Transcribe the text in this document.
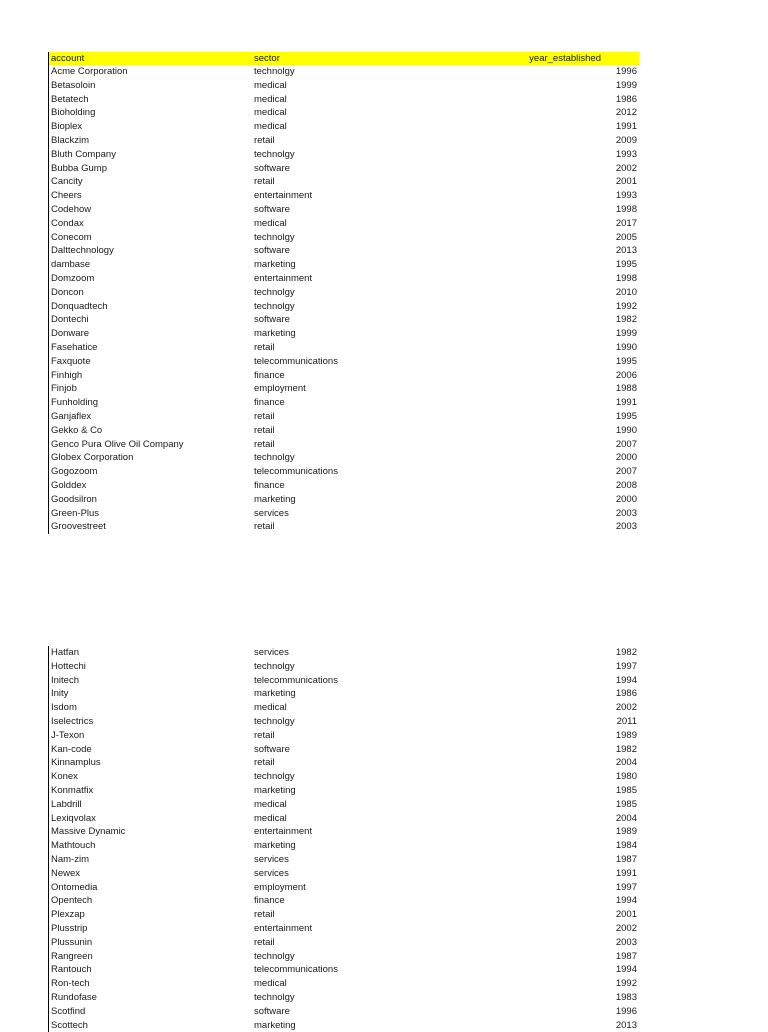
account	sector	year_established
Acme Corporation	technolgy	1996
Betasoloin	medical	1999
Betatech	medical	1986
Bioholding	medical	2012
Bioplex	medical	1991
Blackzim	retail	2009
Bluth Company	technolgy	1993
Bubba Gump	software	2002
Cancity	retail	2001
Cheers	entertainment	1993
Codehow	software	1998
Condax	medical	2017
Conecom	technolgy	2005
Dalttechnology	software	2013
dambase	marketing	1995
Domzoom	entertainment	1998
Doncon	technolgy	2010
Donquadtech	technolgy	1992
Dontechi	software	1982
Donware	marketing	1999
Fasehatice	retail	1990
Faxquote	telecommunications	1995
Finhigh	finance	2006
Finjob	employment	1988
Funholding	finance	1991
Ganjaflex	retail	1995
Gekko & Co	retail	1990
Genco Pura Olive Oil Company	retail	2007
Globex Corporation	technolgy	2000
Gogozoom	telecommunications	2007
Golddex	finance	2008
Goodsilron	marketing	2000
Green-Plus	services	2003
Groovestreet	retail	2003
Hatfan	services	1982
Hottechi	technolgy	1997
Initech	telecommunications	1994
Inity	marketing	1986
Isdom	medical	2002
Iselectrics	technolgy	2011
J-Texon	retail	1989
Kan-code	software	1982
Kinnamplus	retail	2004
Konex	technolgy	1980
Konmatfix	marketing	1985
Labdrill	medical	1985
Lexiqvolax	medical	2004
Massive Dynamic	entertainment	1989
Mathtouch	marketing	1984
Nam-zim	services	1987
Newex	services	1991
Ontomedia	employment	1997
Opentech	finance	1994
Plexzap	retail	2001
Plusstrip	entertainment	2002
Plussunin	retail	2003
Rangreen	technolgy	1987
Rantouch	telecommunications	1994
Ron-tech	medical	1992
Rundofase	technolgy	1983
Scotfind	software	1996
Scottech	marketing	2013
